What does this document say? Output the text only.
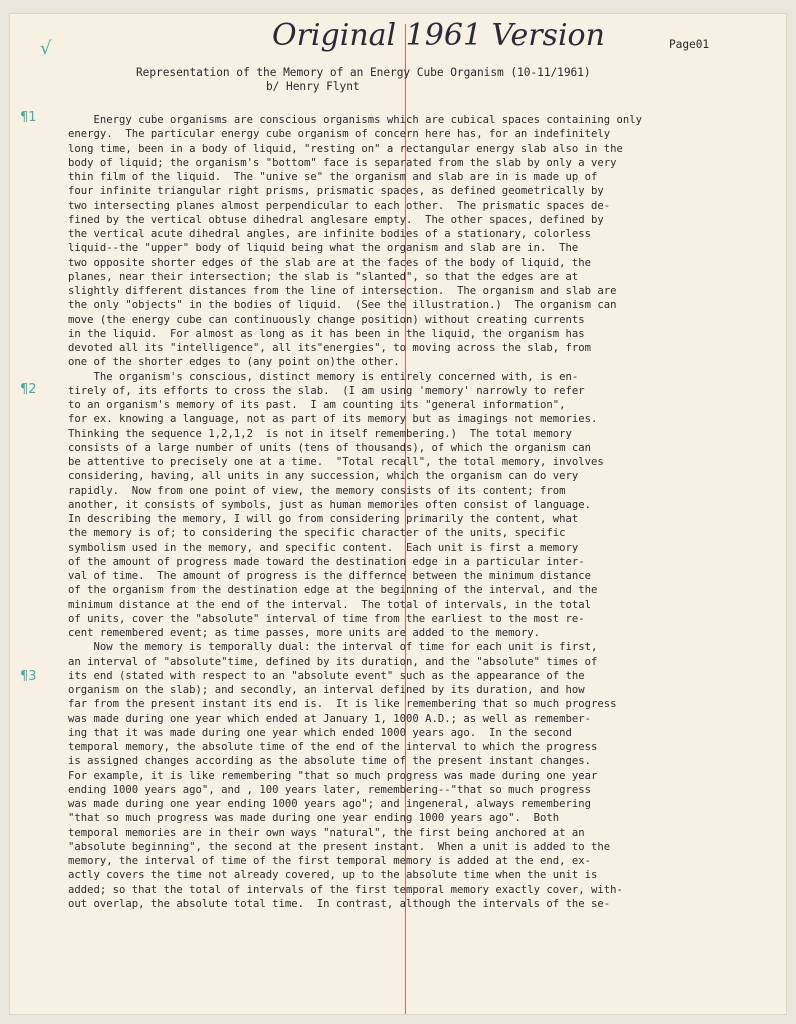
√	Original 1961 Version	Page01
Representation of the Memory of an Energy Cube Organism (10-11/1961)
b/ Henry Flynt
¶1
¶2
¶3
Energy cube organisms are conscious organisms which are cubical spaces containing only
energy.  The particular energy cube organism of concern here has, for an indefinitely
long time, been in a body of liquid, "resting on" a rectangular energy slab also in the
body of liquid; the organism's "bottom" face is separated from the slab by only a very
thin film of the liquid.  The "unive se" the organism and slab are in is made up of
four infinite triangular right prisms, prismatic spaces, as defined geometrically by
two intersecting planes almost perpendicular to each other.  The prismatic spaces de-
fined by the vertical obtuse dihedral anglesare empty.  The other spaces, defined by
the vertical acute dihedral angles, are infinite bodies of a stationary, colorless
liquid--the "upper" body of liquid being what the organism and slab are in.  The
two opposite shorter edges of the slab are at the faces of the body of liquid, the
planes, near their intersection; the slab is "slanted", so that the edges are at
slightly different distances from the line of intersection.  The organism and slab are
the only "objects" in the bodies of liquid.  (See the illustration.)  The organism can
move (the energy cube can continuously change position) without creating currents
in the liquid.  For almost as long as it has been in the liquid, the organism has
devoted all its "intelligence", all its"energies", to moving across the slab, from
one of the shorter edges to (any point on)the other.
The organism's conscious, distinct memory is entirely concerned with, is en-
tirely of, its efforts to cross the slab.  (I am using 'memory' narrowly to refer
to an organism's memory of its past.  I am counting its "general information",
for ex. knowing a language, not as part of its memory but as imagings not memories.
Thinking the sequence 1,2,1,2  is not in itself remembering.)  The total memory
consists of a large number of units (tens of thousands), of which the organism can
be attentive to precisely one at a time.  "Total recall", the total memory, involves
considering, having, all units in any succession, which the organism can do very
rapidly.  Now from one point of view, the memory consists of its content; from
another, it consists of symbols, just as human memories often consist of language.
In describing the memory, I will go from considering primarily the content, what
the memory is of; to considering the specific character of the units, specific
symbolism used in the memory, and specific content.  Each unit is first a memory
of the amount of progress made toward the destination edge in a particular inter-
val of time.  The amount of progress is the differnce between the minimum distance
of the organism from the destination edge at the beginning of the interval, and the
minimum distance at the end of the interval.  The total of intervals, in the total
of units, cover the "absolute" interval of time from the earliest to the most re-
cent remembered event; as time passes, more units are added to the memory.
Now the memory is temporally dual: the interval of time for each unit is first,
an interval of "absolute"time, defined by its duration, and the "absolute" times of
its end (stated with respect to an "absolute event" such as the appearance of the
organism on the slab); and secondly, an interval defined by its duration, and how
far from the present instant its end is.  It is like remembering that so much progress
was made during one year which ended at January 1, 1000 A.D.; as well as remember-
ing that it was made during one year which ended 1000 years ago.  In the second
temporal memory, the absolute time of the end of the interval to which the progress
is assigned changes according as the absolute time of the present instant changes.
For example, it is like remembering "that so much progress was made during one year
ending 1000 years ago", and , 100 years later, remembering--"that so much progress
was made during one year ending 1000 years ago"; and ingeneral, always remembering
"that so much progress was made during one year ending 1000 years ago".  Both
temporal memories are in their own ways "natural", the first being anchored at an
"absolute beginning", the second at the present instant.  When a unit is added to the
memory, the interval of time of the first temporal memory is added at the end, ex-
actly covers the time not already covered, up to the absolute time when the unit is
added; so that the total of intervals of the first temporal memory exactly cover, with-
out overlap, the absolute total time.  In contrast, although the intervals of the se-
